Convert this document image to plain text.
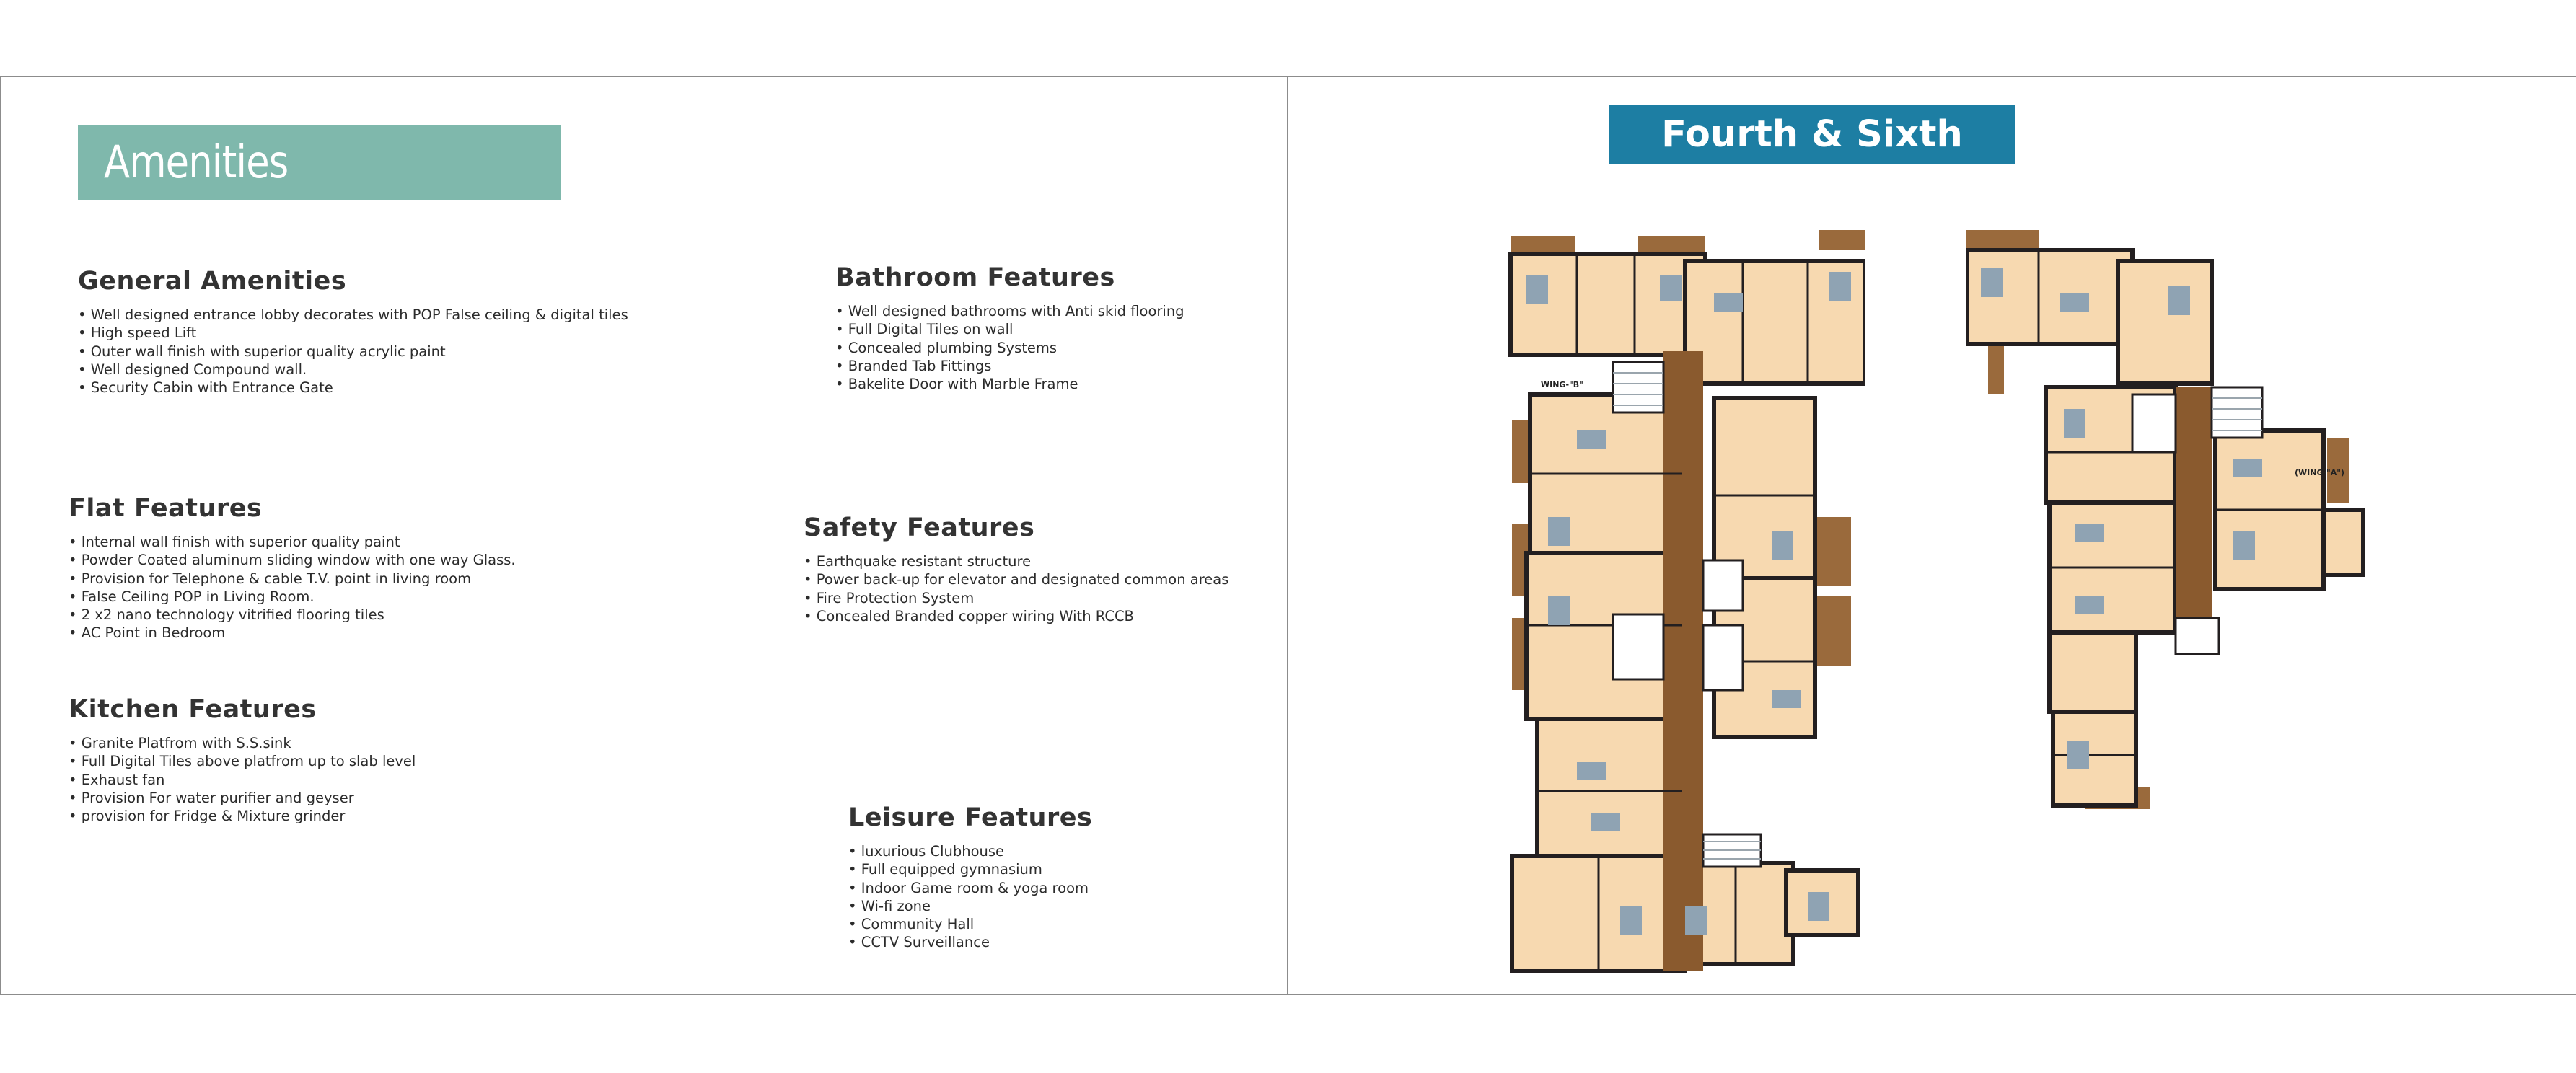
Amenities
General Amenities
• Well designed entrance lobby decorates with POP False ceiling & digital tiles
• High speed Lift
• Outer wall finish with superior quality acrylic paint
• Well designed Compound wall.
• Security Cabin with Entrance Gate
Bathroom Features
• Well designed bathrooms with Anti skid flooring
• Full Digital Tiles on wall
• Concealed plumbing Systems
• Branded Tab Fittings
• Bakelite Door with Marble Frame
Flat Features
• Internal wall finish with superior quality paint
• Powder Coated aluminum sliding window with one way Glass.
• Provision for Telephone & cable T.V. point in living room
• False Ceiling POP in Living Room.
• 2 x2 nano technology vitrified flooring tiles
• AC Point in Bedroom
Safety Features
• Earthquake resistant structure
• Power back-up for elevator and designated common areas
• Fire Protection System
• Concealed Branded copper wiring With RCCB
Kitchen Features
• Granite Platfrom with S.S.sink
• Full Digital Tiles above platfrom up to slab level
• Exhaust fan
• Provision For water purifier and geyser
• provision for Fridge & Mixture grinder	Leisure Features
• luxurious Clubhouse
• Full equipped gymnasium
• Indoor Game room & yoga room
• Wi-fi zone
• Community Hall
• CCTV Surveillance
Fourth & Sixth Floor
WING-"B"
(WING-"A")
